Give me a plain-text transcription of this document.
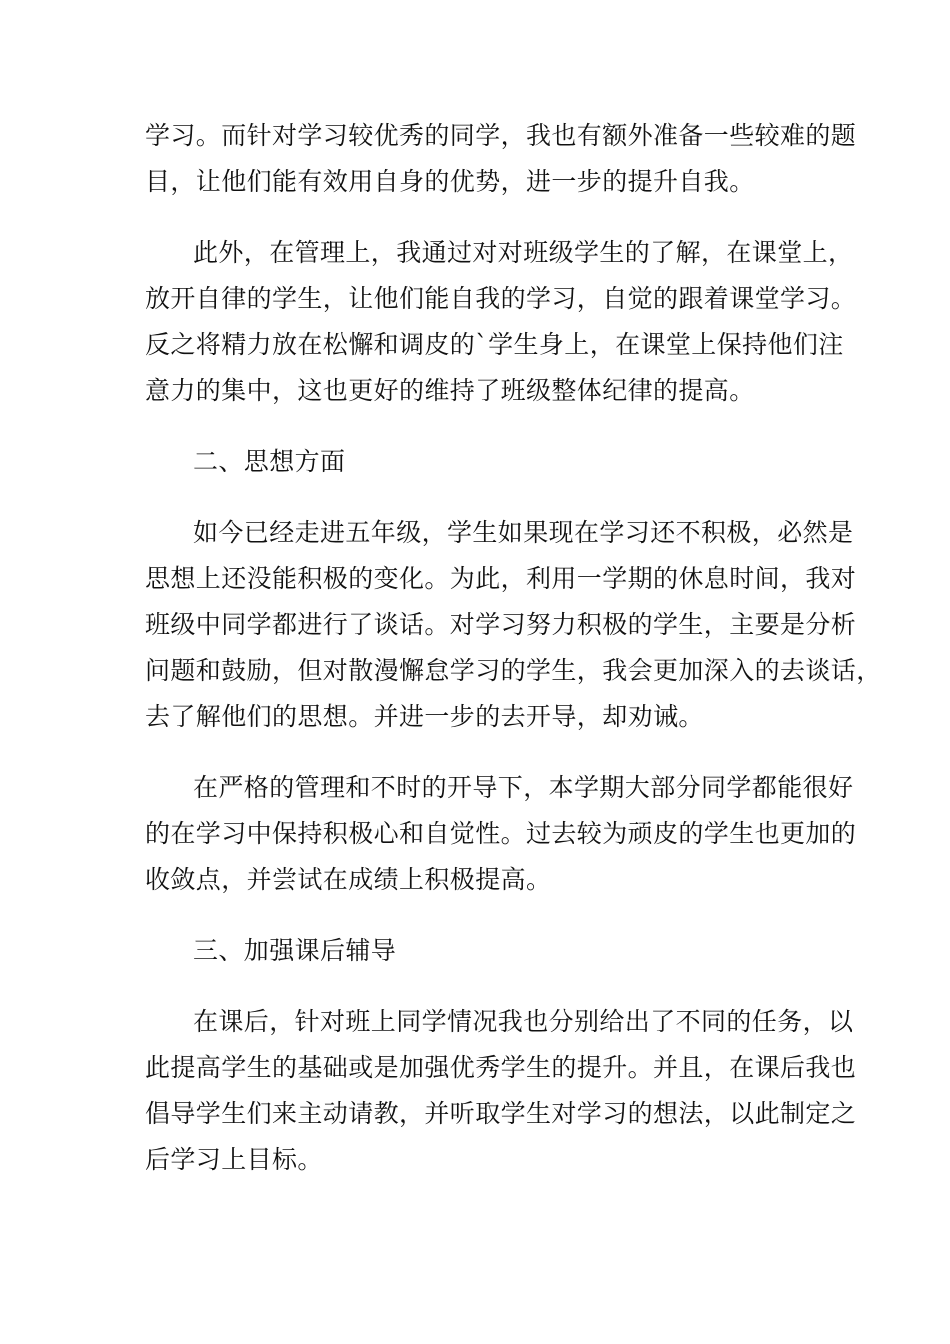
学习。而针对学习较优秀的同学，我也有额外准备一些较难的题
目，让他们能有效用自身的优势，进一步的提升自我。

此外，在管理上，我通过对对班级学生的了解，在课堂上，
放开自律的学生，让他们能自我的学习，自觉的跟着课堂学习。
反之将精力放在松懈和调皮的`学生身上，在课堂上保持他们注
意力的集中，这也更好的维持了班级整体纪律的提高。

二、思想方面

如今已经走进五年级，学生如果现在学习还不积极，必然是
思想上还没能积极的变化。为此，利用一学期的休息时间，我对
班级中同学都进行了谈话。对学习努力积极的学生，主要是分析
问题和鼓励，但对散漫懈怠学习的学生，我会更加深入的去谈话，
去了解他们的思想。并进一步的去开导，却劝诫。

在严格的管理和不时的开导下，本学期大部分同学都能很好
的在学习中保持积极心和自觉性。过去较为顽皮的学生也更加的
收敛点，并尝试在成绩上积极提高。

三、加强课后辅导

在课后，针对班上同学情况我也分别给出了不同的任务，以
此提高学生的基础或是加强优秀学生的提升。并且，在课后我也
倡导学生们来主动请教，并听取学生对学习的想法，以此制定之
后学习上目标。
